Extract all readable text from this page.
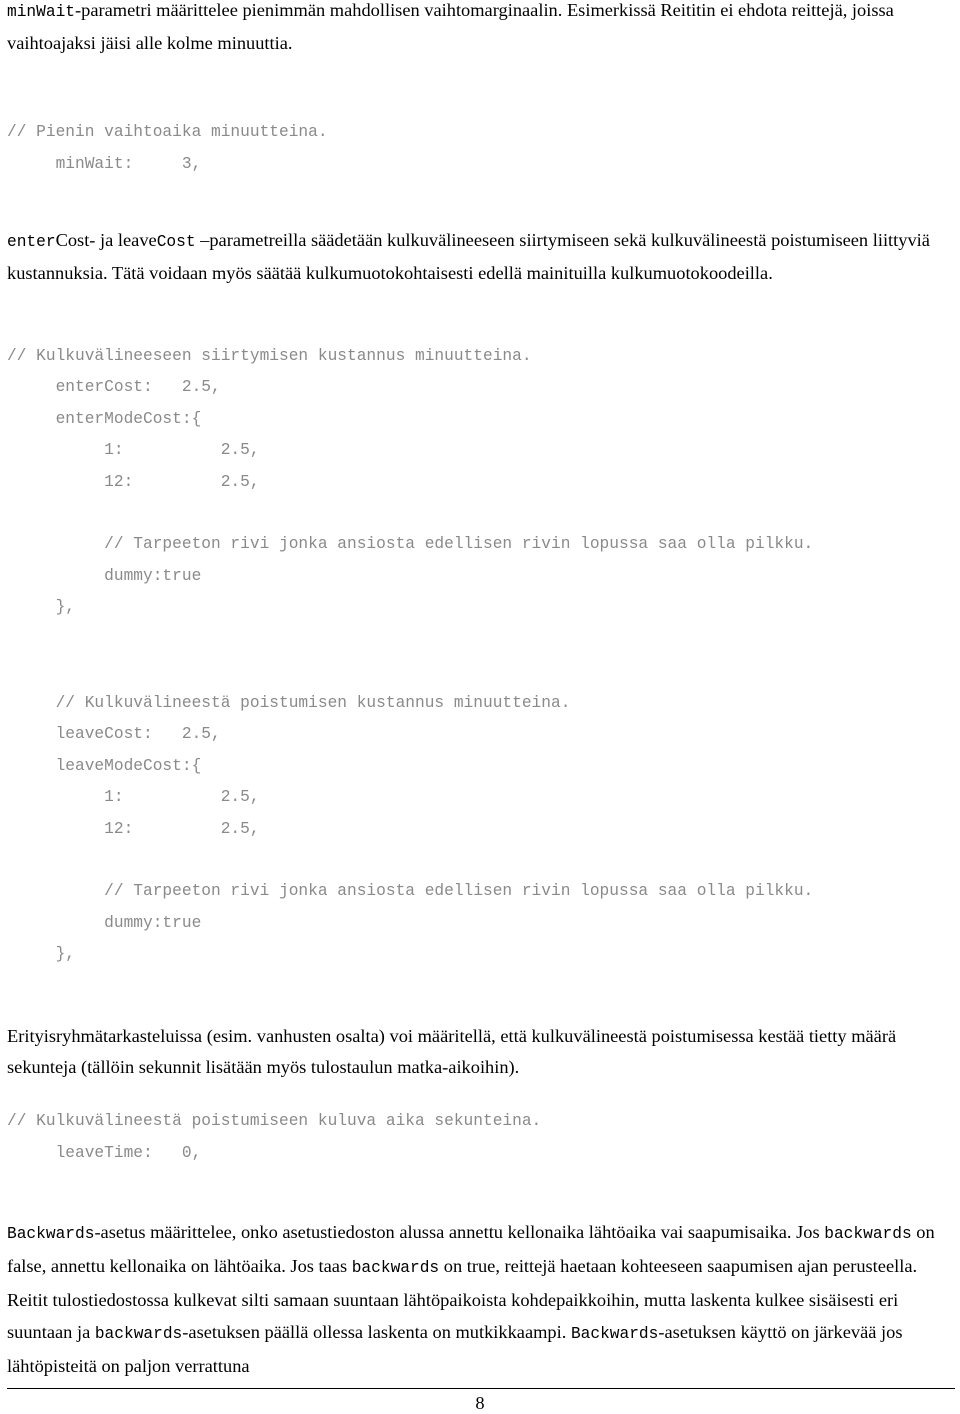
minWait-parametri määrittelee pienimmän mahdollisen vaihtomarginaalin. Esimerkissä Reititin ei ehdota reittejä, joissa vaihtoajaksi jäisi alle kolme minuuttia.

// Pienin vaihtoaika minuutteina.
minWait:     3,

enterCost- ja leaveCost –parametreilla säädetään kulkuvälineeseen siirtymiseen sekä kulkuvälineestä poistumiseen liittyviä kustannuksia. Tätä voidaan myös säätää kulkumuotokohtaisesti edellä mainituilla kulkumuotokoodeilla.

// Kulkuvälineeseen siirtymisen kustannus minuutteina.
enterCost:   2.5,
enterModeCost:{
1:          2.5,
12:         2.5,

// Tarpeeton rivi jonka ansiosta edellisen rivin lopussa saa olla pilkku.
dummy:true
},
// Kulkuvälineestä poistumisen kustannus minuutteina.
leaveCost:   2.5,
leaveModeCost:{
1:          2.5,
12:         2.5,

// Tarpeeton rivi jonka ansiosta edellisen rivin lopussa saa olla pilkku.
dummy:true
},

Erityisryhmätarkasteluissa (esim. vanhusten osalta) voi määritellä, että kulkuvälineestä poistumisessa kestää tietty määrä sekunteja (tällöin sekunnit lisätään myös tulostaulun matka-aikoihin).

// Kulkuvälineestä poistumiseen kuluva aika sekunteina.
leaveTime:   0,

Backwards-asetus määrittelee, onko asetustiedoston alussa annettu kellonaika lähtöaika vai saapumisaika. Jos backwards on false, annettu kellonaika on lähtöaika. Jos taas backwards on true, reittejä haetaan kohteeseen saapumisen ajan perusteella. Reitit tulostiedostossa kulkevat silti samaan suuntaan lähtöpaikoista kohdepaikkoihin, mutta laskenta kulkee sisäisesti eri suuntaan ja backwards-asetuksen päällä ollessa laskenta on mutkikkaampi. Backwards-asetuksen käyttö on järkevää jos lähtöpisteitä on paljon verrattuna

8
